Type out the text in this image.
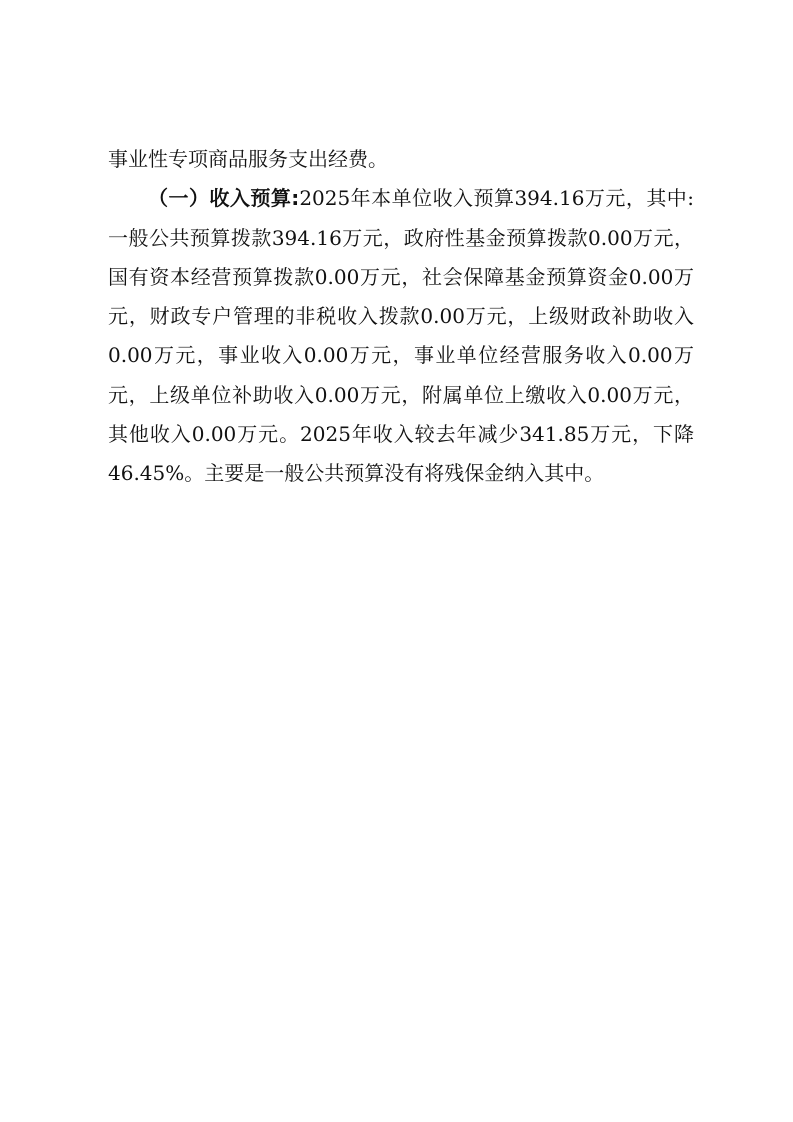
事业性专项商品服务支出经费。

（一）收入预算:2025年本单位收入预算394.16万元，其中:一般公共预算拨款394.16万元，政府性基金预算拨款0.00万元，国有资本经营预算拨款0.00万元，社会保障基金预算资金0.00万元，财政专户管理的非税收入拨款0.00万元，上级财政补助收入0.00万元，事业收入0.00万元，事业单位经营服务收入0.00万元，上级单位补助收入0.00万元，附属单位上缴收入0.00万元，其他收入0.00万元。2025年收入较去年减少341.85万元，下降46.45%。主要是一般公共预算没有将残保金纳入其中。
